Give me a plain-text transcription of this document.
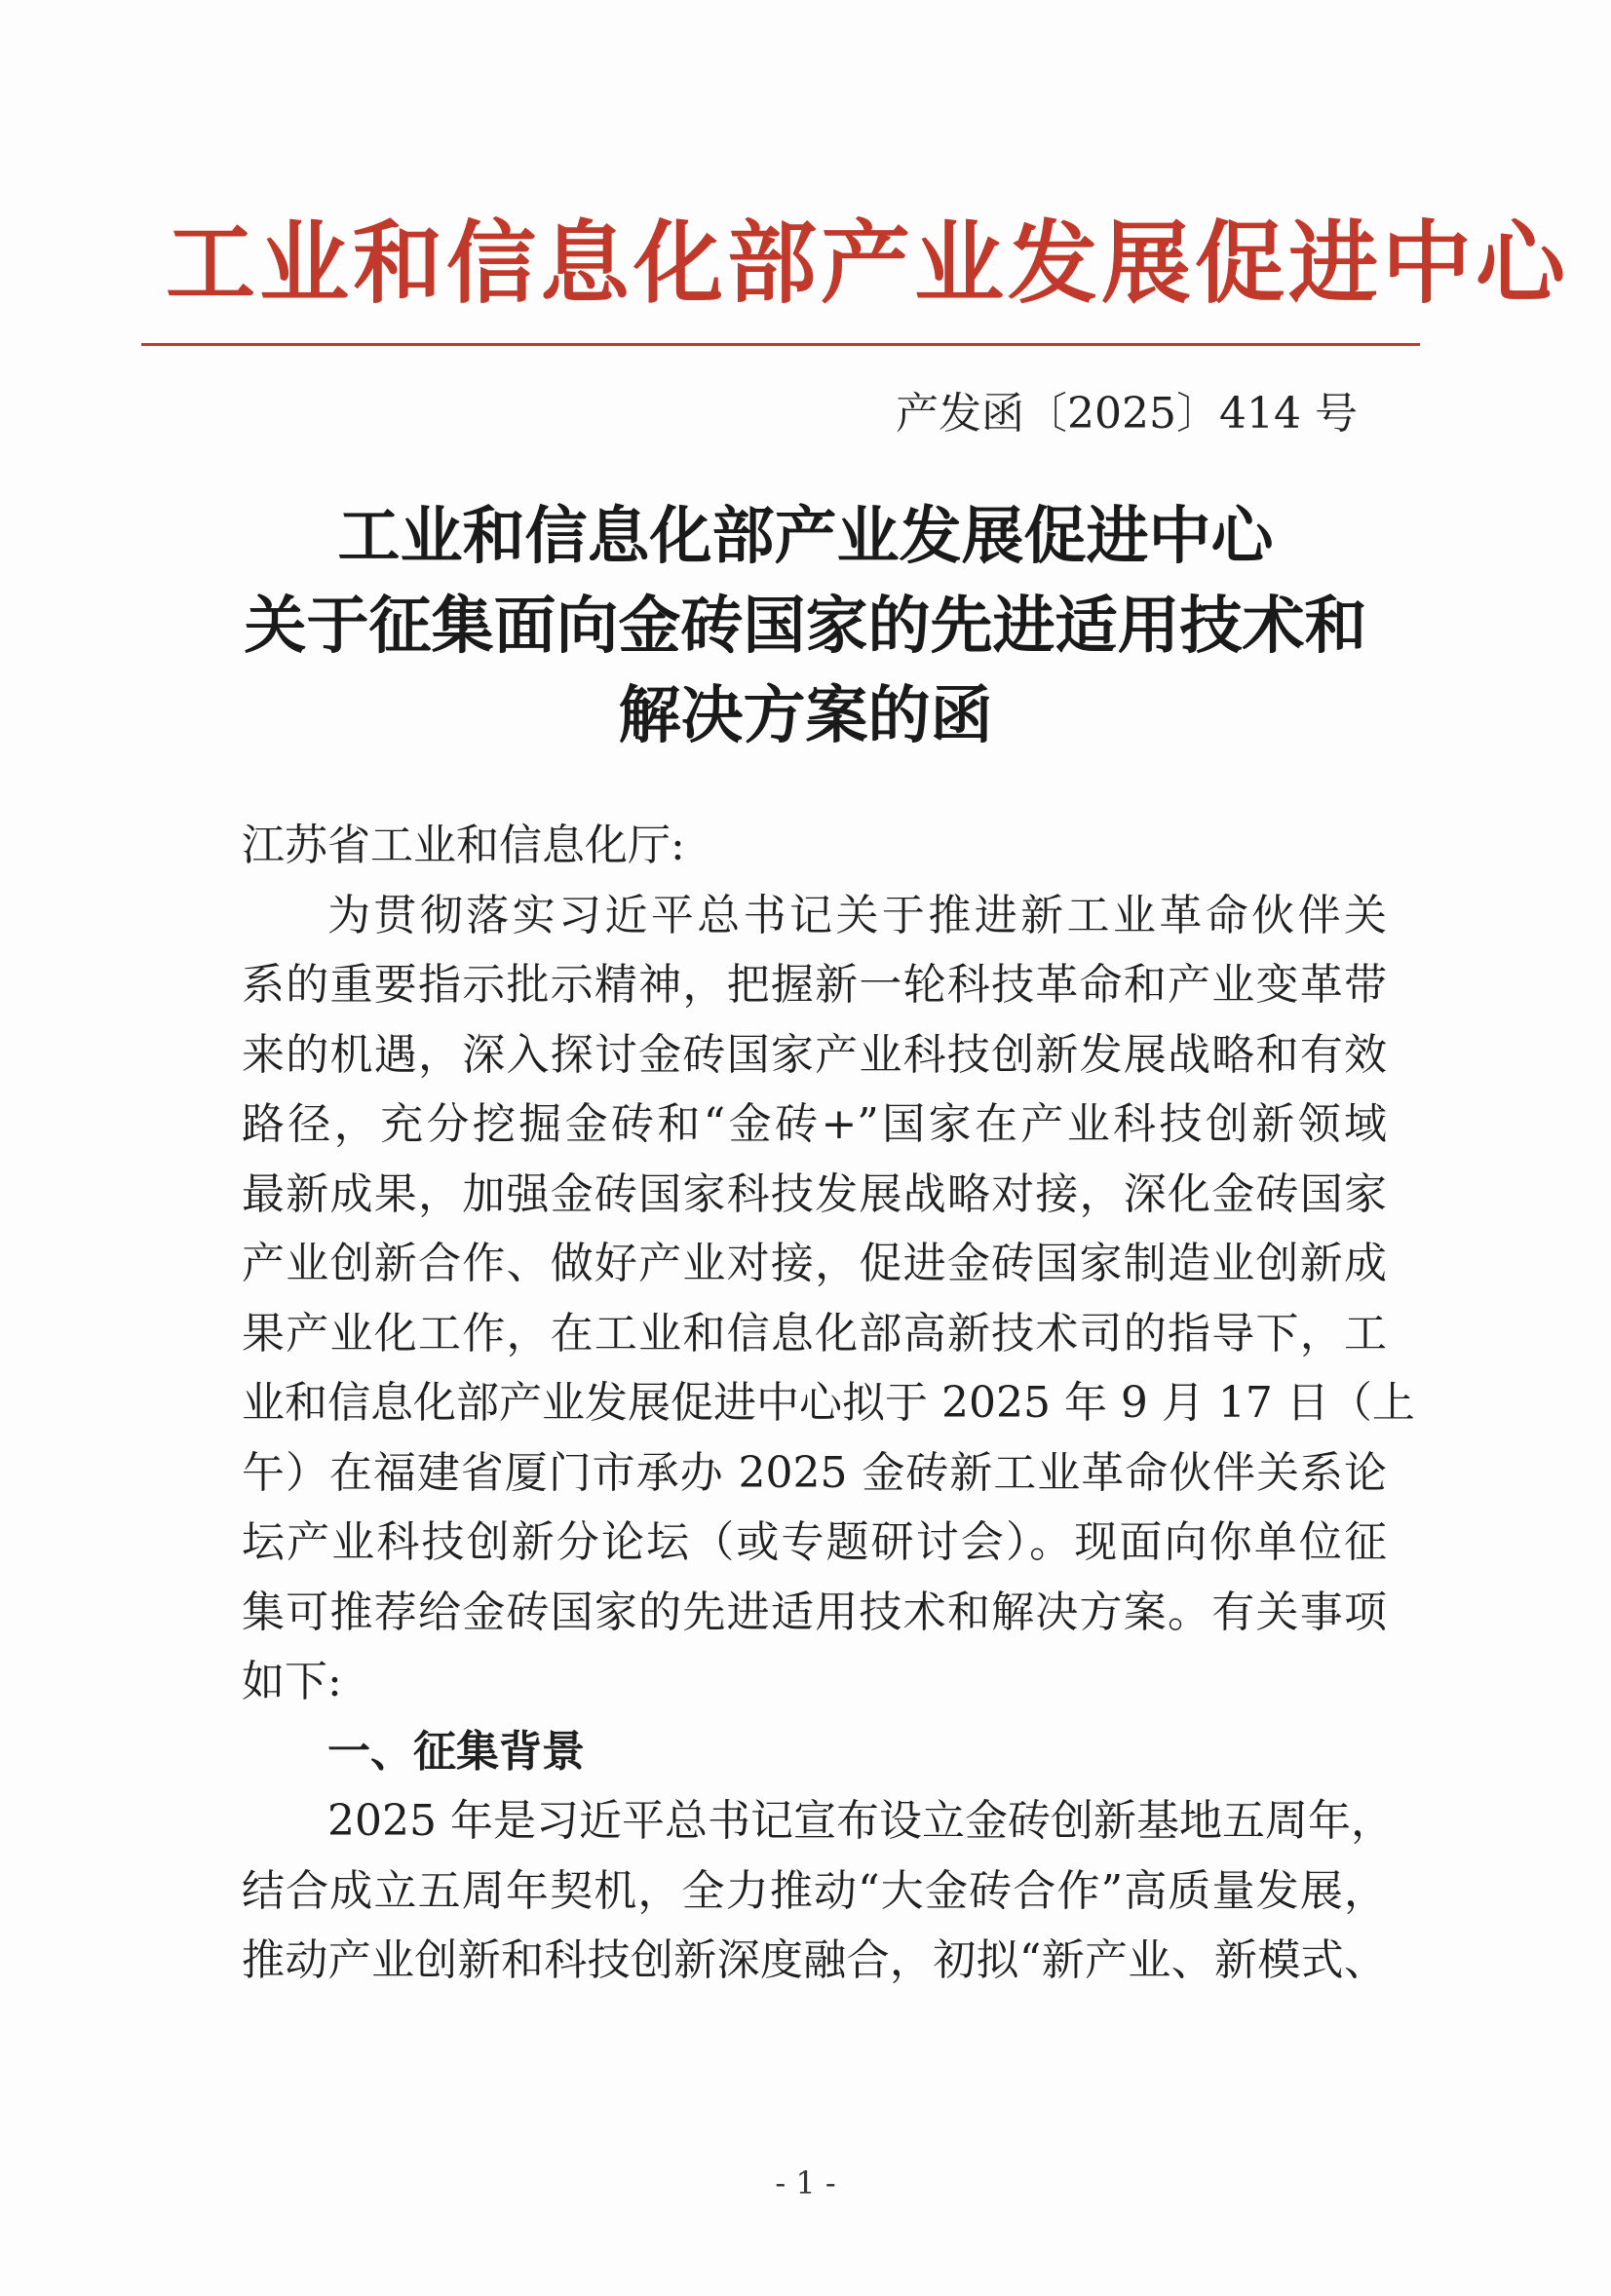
工业和信息化部产业发展促进中心
产发函〔2025〕414 号
工业和信息化部产业发展促进中心
关于征集面向金砖国家的先进适用技术和
解决方案的函
江苏省工业和信息化厅:
为贯彻落实习近平总书记关于推进新工业革命伙伴关
系的重要指示批示精神，把握新一轮科技革命和产业变革带
来的机遇，深入探讨金砖国家产业科技创新发展战略和有效
路径，充分挖掘金砖和“金砖+”国家在产业科技创新领域
最新成果，加强金砖国家科技发展战略对接，深化金砖国家
产业创新合作、做好产业对接，促进金砖国家制造业创新成
果产业化工作，在工业和信息化部高新技术司的指导下，工
业和信息化部产业发展促进中心拟于 2025 年 9 月 17 日（上
午）在福建省厦门市承办 2025 金砖新工业革命伙伴关系论
坛产业科技创新分论坛（或专题研讨会）。现面向你单位征
集可推荐给金砖国家的先进适用技术和解决方案。有关事项
如下:
一、征集背景
2025 年是习近平总书记宣布设立金砖创新基地五周年，
结合成立五周年契机，全力推动“大金砖合作”高质量发展，
推动产业创新和科技创新深度融合，初拟“新产业、新模式、
- 1 -
